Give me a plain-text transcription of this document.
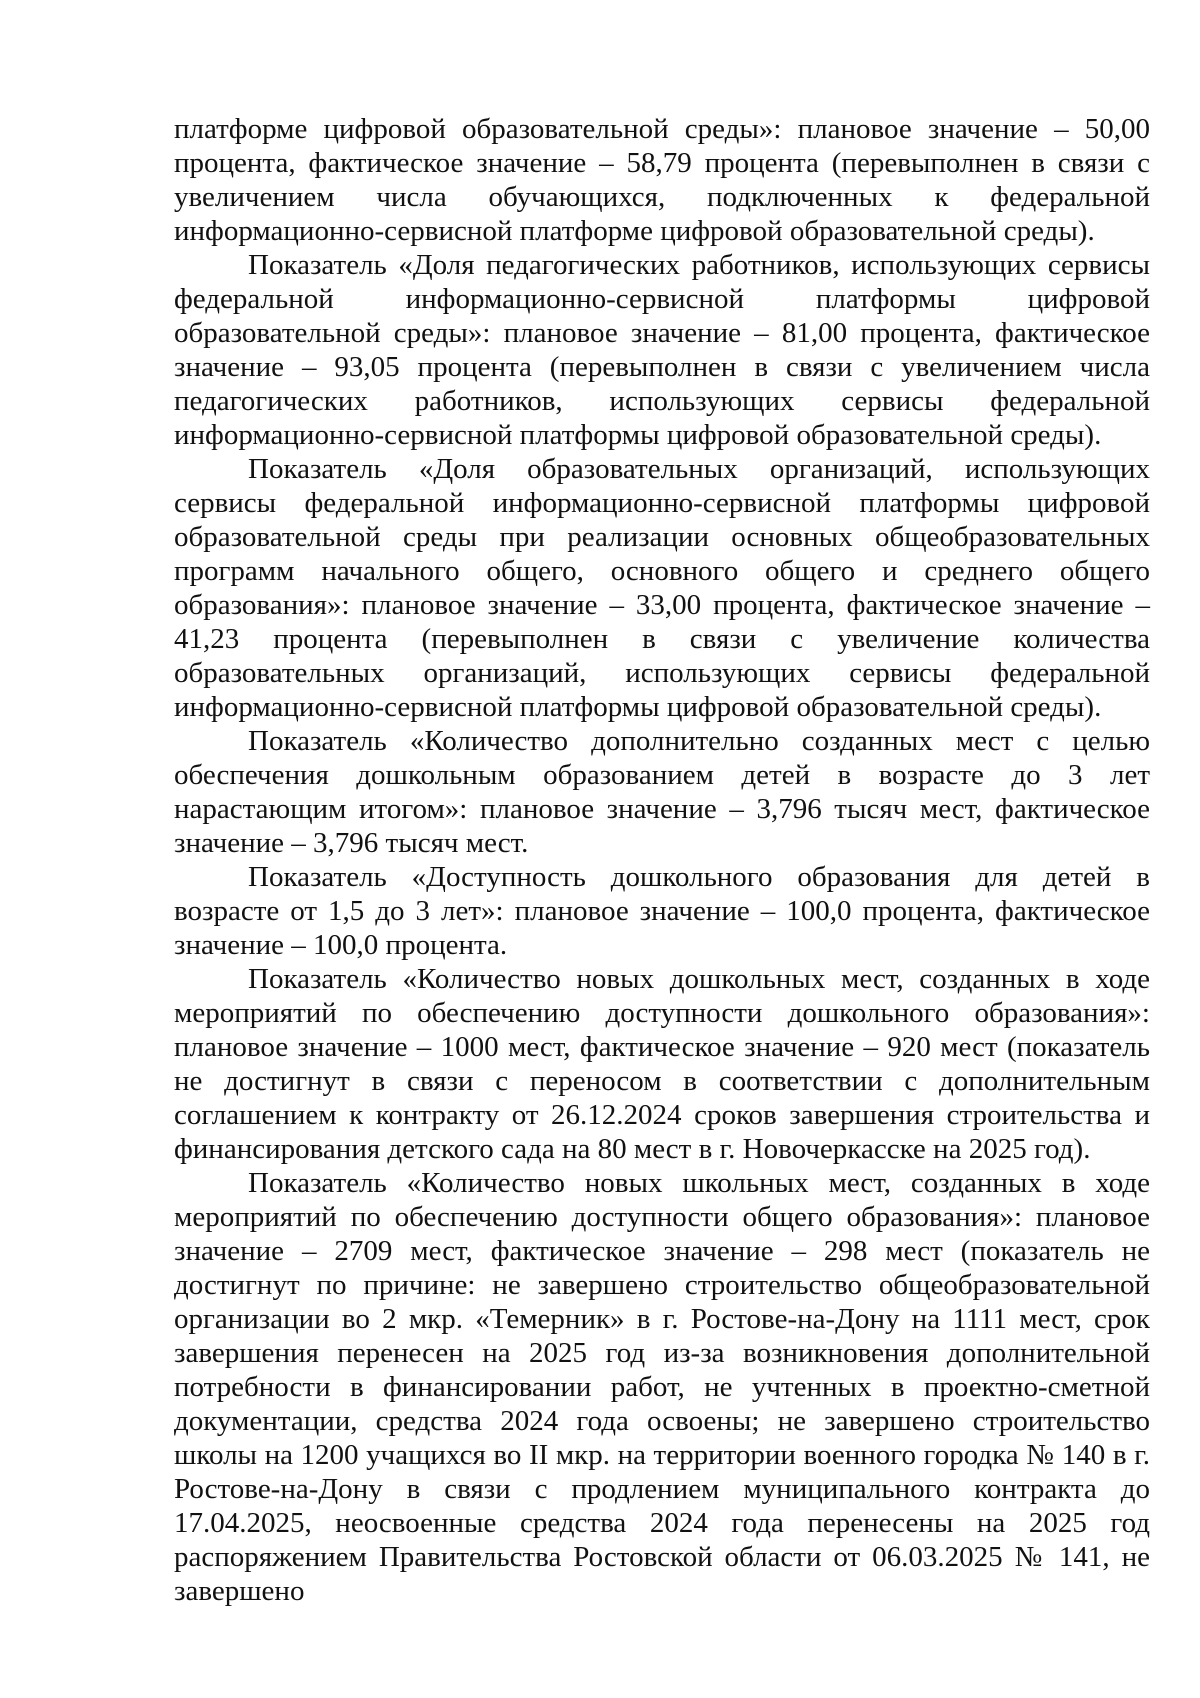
платформе цифровой образовательной среды»: плановое значение – 50,00 процента, фактическое значение – 58,79 процента (перевыполнен в связи с увеличением числа обучающихся, подключенных к федеральной информационно-сервисной платформе цифровой образовательной среды).

Показатель «Доля педагогических работников, использующих сервисы федеральной информационно-сервисной платформы цифровой образовательной среды»: плановое значение – 81,00 процента, фактическое значение – 93,05 процента (перевыполнен в связи с увеличением числа педагогических работников, использующих сервисы федеральной информационно-сервисной платформы цифровой образовательной среды).

Показатель «Доля образовательных организаций, использующих сервисы федеральной информационно-сервисной платформы цифровой образовательной среды при реализации основных общеобразовательных программ начального общего, основного общего и среднего общего образования»: плановое значение – 33,00 процента, фактическое значение – 41,23 процента (перевыполнен в связи с увеличение количества образовательных организаций, использующих сервисы федеральной информационно-сервисной платформы цифровой образовательной среды).

Показатель «Количество дополнительно созданных мест с целью обеспечения дошкольным образованием детей в возрасте до 3 лет нарастающим итогом»: плановое значение – 3,796 тысяч мест, фактическое значение – 3,796 тысяч мест.

Показатель «Доступность дошкольного образования для детей в возрасте от 1,5 до 3 лет»: плановое значение – 100,0 процента, фактическое значение – 100,0 процента.

Показатель «Количество новых дошкольных мест, созданных в ходе мероприятий по обеспечению доступности дошкольного образования»: плановое значение – 1000 мест, фактическое значение – 920 мест (показатель не достигнут в связи с переносом в соответствии с дополнительным соглашением к контракту от 26.12.2024 сроков завершения строительства и финансирования детского сада на 80 мест в г. Новочеркасске на 2025 год).

Показатель «Количество новых школьных мест, созданных в ходе мероприятий по обеспечению доступности общего образования»: плановое значение – 2709 мест, фактическое значение – 298 мест (показатель не достигнут по причине: не завершено строительство общеобразовательной организации во 2 мкр. «Темерник» в г. Ростове-на-Дону на 1111 мест, срок завершения перенесен на 2025 год из-за возникновения дополнительной потребности в финансировании работ, не учтенных в проектно-сметной документации, средства 2024 года освоены; не завершено строительство школы на 1200 учащихся во II мкр. на территории военного городка № 140 в г. Ростове-на-Дону в связи с продлением муниципального контракта до 17.04.2025, неосвоенные средства 2024 года перенесены на 2025 год распоряжением Правительства Ростовской области от 06.03.2025 № 141, не завершено
